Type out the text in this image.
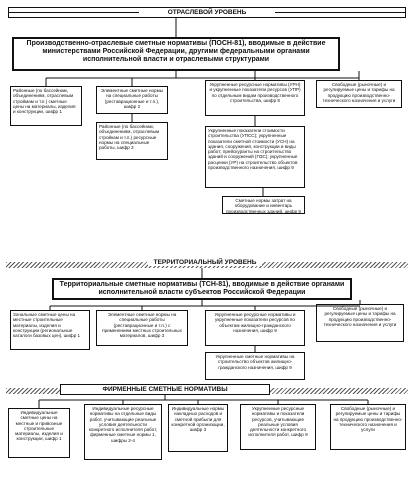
ОТРАСЛЕВОЙ УРОВЕНЬ
Производственно-отраслевые сметные нормативы (ПОСН-81), вводимые в действие министерствами Российской Федерации, другими федеральными органами исполнительной власти и отраслевыми структурами
Районные (по бассейнам, объединениям, отраслевым строймам и т.п.) сметные цены на материалы, изделия и конструкции, шифр 1
Элементные сметные нормы на специальные работы (реставрационные и т.п.), шифр 2
Районные (по бассейнам, объединениям, отраслевым стройкам и т.п.) ресурсные нормы на специальные работы, шифр 3
Укрупненные ресурсные нормативы (УРН) и укрупненные показатели ресурсов (УПР) по отдельным видам производственного строительства, шифр 8
Укрупненные показатели стоимости строительства (УПСС); укрупненные показатели сметной стоимости (УСН) на здания, сооружения, конструкции и виды работ; прейскуранты на строительство зданий и сооружений (ПЗС); укрупненные расценки (УР) на строительство объектов производственного назначения, шифр 9
Сметные нормы затрат на оборудование и инвентарь производственных зданий, шифр 9
Свободные (рыночные) и регулируемые цены и тарифы на продукцию производственно-технического назначения и услуги
ТЕРРИТОРИАЛЬНЫЙ УРОВЕНЬ
Территориальные сметные нормативы (ТСН-81), вводимые в действие органами исполнительной власти субъектов Российской Федерации
Зональные сметные цены на местные строительные материалы, изделия и конструкции (региональные каталоги базовых цен), шифр 1
Элементные сметные нормы на специальные работы (реставрационные и т.п.) с применением местных строительных материалов, шифр 3
Укрупненные ресурсные нормативы и укрупненные показатели ресурсов по объектам жилищно-гражданского назначения, шифр 9
Укрупненные сметные нормативы на строительство объектов жилищно-гражданского назначения, шифр 9
Свободные (рыночные) и регулируемые цены и тарифы на продукцию производственно-технического назначения и услуги
ФИРМЕННЫЕ СМЕТНЫЕ НОРМАТИВЫ
Индивидуальные сметные цены на местные и привозные строительные материалы, изделия и конструкции, шифр 1
Индивидуальные ресурсные нормативы на отдельные виды работ, учитывающие реальные условия деятельности конкретного исполнителя работ, фирменные сметные нормы 1, шифры 2-4
Индивидуальные нормы накладных расходов и сметной прибыли для конкретной организации, шифр 3
Укрупненные ресурсные нормативы и показатели ресурсов, учитывающие реальные условия деятельности конкретного исполнителя работ, шифр 9
Свободные (рыночные) и регулируемые цены и тарифы на продукцию производственно-технического назначения и услуги
